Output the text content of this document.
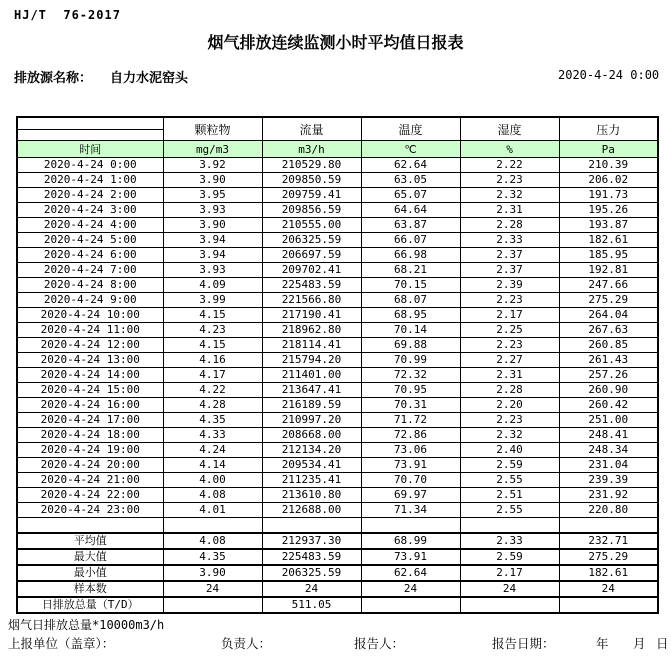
HJ/T  76-2017
烟气排放连续监测小时平均值日报表
排放源名称： 自力水泥窑头	2020-4-24 0:00
	颗粒物	流量	温度	湿度	压力
时间	mg/m3	m3/h	℃	%	Pa
2020-4-24 0:00	3.92	210529.80	62.64	2.22	210.39
2020-4-24 1:00	3.90	209850.59	63.05	2.23	206.02
2020-4-24 2:00	3.95	209759.41	65.07	2.32	191.73
2020-4-24 3:00	3.93	209856.59	64.64	2.31	195.26
2020-4-24 4:00	3.90	210555.00	63.87	2.28	193.87
2020-4-24 5:00	3.94	206325.59	66.07	2.33	182.61
2020-4-24 6:00	3.94	206697.59	66.98	2.37	185.95
2020-4-24 7:00	3.93	209702.41	68.21	2.37	192.81
2020-4-24 8:00	4.09	225483.59	70.15	2.39	247.66
2020-4-24 9:00	3.99	221566.80	68.07	2.23	275.29
2020-4-24 10:00	4.15	217190.41	68.95	2.17	264.04
2020-4-24 11:00	4.23	218962.80	70.14	2.25	267.63
2020-4-24 12:00	4.15	218114.41	69.88	2.23	260.85
2020-4-24 13:00	4.16	215794.20	70.99	2.27	261.43
2020-4-24 14:00	4.17	211401.00	72.32	2.31	257.26
2020-4-24 15:00	4.22	213647.41	70.95	2.28	260.90
2020-4-24 16:00	4.28	216189.59	70.31	2.20	260.42
2020-4-24 17:00	4.35	210997.20	71.72	2.23	251.00
2020-4-24 18:00	4.33	208668.00	72.86	2.32	248.41
2020-4-24 19:00	4.24	212134.20	73.06	2.40	248.34
2020-4-24 20:00	4.14	209534.41	73.91	2.59	231.04
2020-4-24 21:00	4.00	211235.41	70.70	2.55	239.39
2020-4-24 22:00	4.08	213610.80	69.97	2.51	231.92
2020-4-24 23:00	4.01	212688.00	71.34	2.55	220.80

平均值	4.08	212937.30	68.99	2.33	232.71
最大值	4.35	225483.59	73.91	2.59	275.29
最小值	3.90	206325.59	62.64	2.17	182.61
样本数	24	24	24	24	24
日排放总量（T/D）		511.05			
烟气日排放总量*10000m3/h
上报单位（盖章）：	负责人：	报告人：	报告日期：	年 月 日
